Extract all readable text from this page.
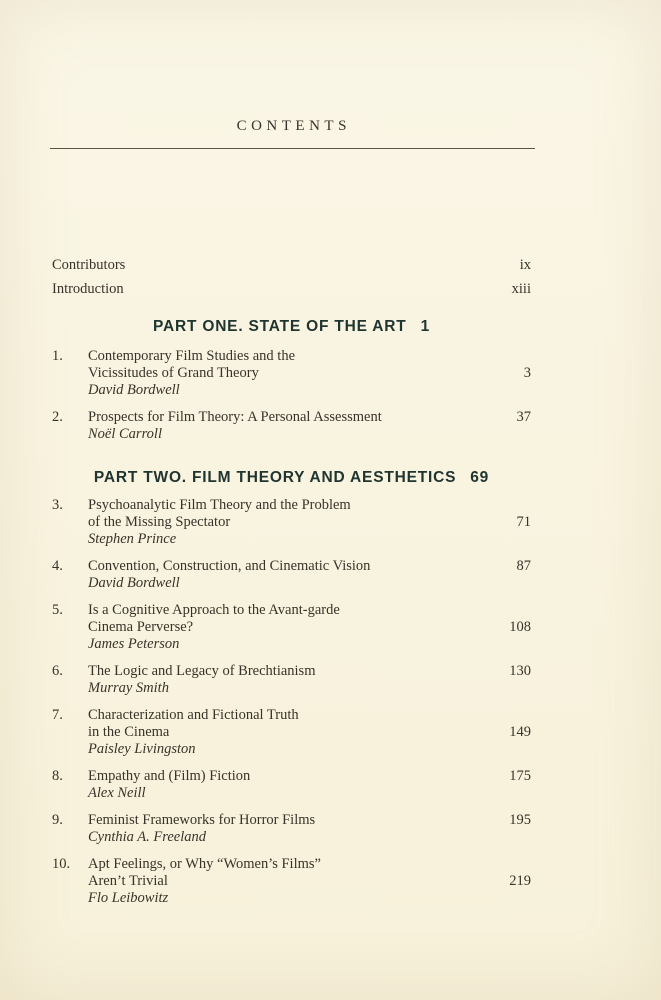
CONTENTS
Contributors	ix
Introduction	xiii
PART ONE. STATE OF THE ART 1
1.	Contemporary Film Studies and the
Vicissitudes of Grand Theory	3
David Bordwell
2.	Prospects for Film Theory: A Personal Assessment	37
Noël Carroll
PART TWO. FILM THEORY AND AESTHETICS 69
3.	Psychoanalytic Film Theory and the Problem
of the Missing Spectator	71
Stephen Prince
4.	Convention, Construction, and Cinematic Vision	87
David Bordwell
5.	Is a Cognitive Approach to the Avant-garde
Cinema Perverse?	108
James Peterson
6.	The Logic and Legacy of Brechtianism	130
Murray Smith
7.	Characterization and Fictional Truth
in the Cinema	149
Paisley Livingston
8.	Empathy and (Film) Fiction	175
Alex Neill
9.	Feminist Frameworks for Horror Films	195
Cynthia A. Freeland
10.	Apt Feelings, or Why “Women’s Films”
Aren’t Trivial	219
Flo Leibowitz
